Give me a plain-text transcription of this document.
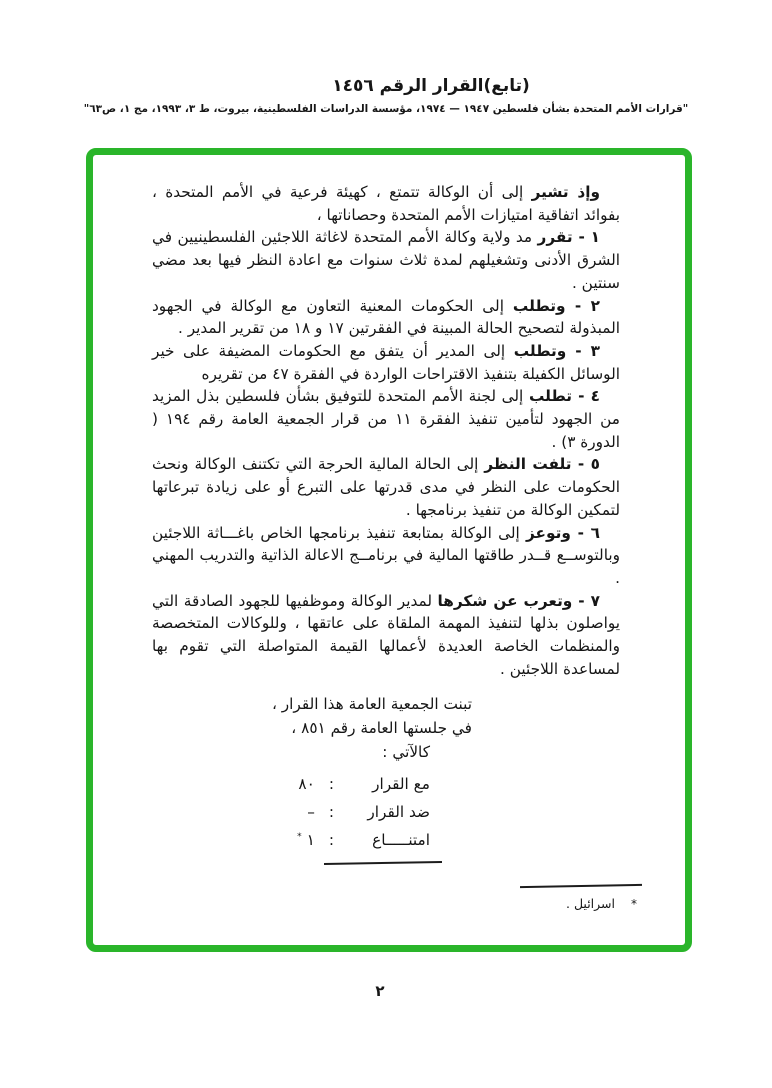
(تابع)القرار الرقم ١٤٥٦
"قرارات الأمم المتحدة بشأن فلسطين ١٩٤٧ — ١٩٧٤، مؤسسة الدراسات الفلسطينية، بيروت، ط ٣، ١٩٩٣، مج ١، ص٦٣"

وإذ تشير إلى أن الوكالة تتمتع ، كهيئة فرعية في الأمم المتحدة ، بفوائد اتفاقية امتيازات الأمم المتحدة وحصاناتها ،

١ - تقرر مد ولاية وكالة الأمم المتحدة لاغاثة اللاجئين الفلسطينيين في الشرق الأدنى وتشغيلهم لمدة ثلاث سنوات مع اعادة النظر فيها بعد مضي سنتين .

٢ - وتطلب إلى الحكومات المعنية التعاون مع الوكالة في الجهود المبذولة لتصحيح الحالة المبينة في الفقرتين ١٧ و ١٨ من تقرير المدير .

٣ - وتطلب إلى المدير أن يتفق مع الحكومات المضيفة على خير الوسائل الكفيلة بتنفيذ الاقتراحات الواردة في الفقرة ٤٧ من تقريره

٤ - تطلب إلى لجنة الأمم المتحدة للتوفيق بشأن فلسطين بذل المزيد من الجهود لتأمين تنفيذ الفقرة ١١ من قرار الجمعية العامة رقم ١٩٤ ( الدورة ٣) .

٥ - تلفت النظر إلى الحالة المالية الحرجة التي تكتنف الوكالة ونحث الحكومات على النظر في مدى قدرتها على التبرع أو على زيادة تبرعاتها لتمكين الوكالة من تنفيذ برنامجها .

٦ - وتوعز إلى الوكالة بمتابعة تنفيذ برنامجها الخاص باغـــاثة اللاجئين وبالتوســع قــدر طاقتها المالية في برنامــج الاعالة الذاتية والتدريب المهني .

٧ - وتعرب عن شكرها لمدير الوكالة وموظفيها للجهود الصادقة التي يواصلون بذلها لتنفيذ المهمة الملقاة على عاتقها ، وللوكالات المتخصصة والمنظمات الخاصة العديدة لأعمالها القيمة المتواصلة التي تقوم بها لمساعدة اللاجئين .

تبنت الجمعية العامة هذا القرار ،

في جلستها العامة رقم ٨٥١ ،

كالآتي :

مع القرار
:
٨٠
ضد القرار
:
–
امتنـــــاع
:
١*
*اسرائيل .
٢
